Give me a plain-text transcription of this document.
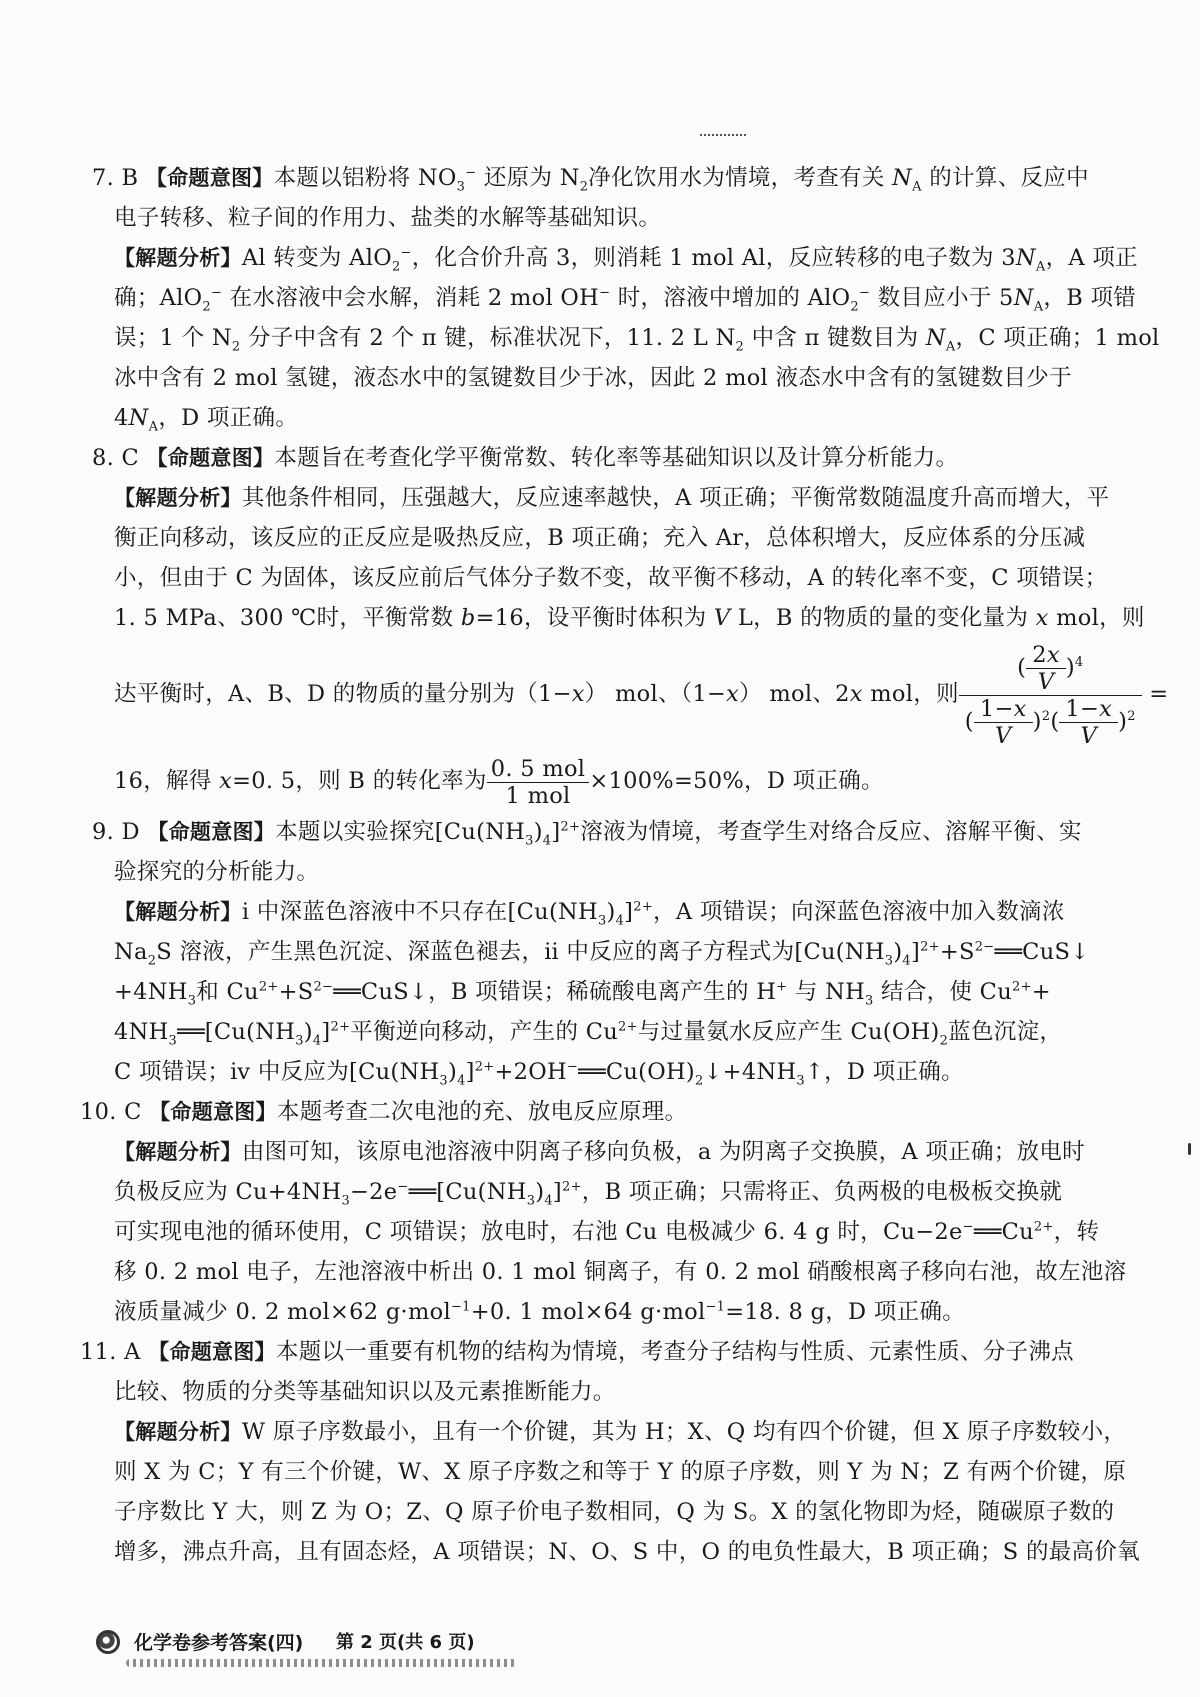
7. B 【命题意图】本题以铝粉将 $NO_3^-$ 还原为 $N_2$净化饮用水为情境，考查有关 $N_A$ 的计算、反应中
电子转移、粒子间的作用力、盐类的水解等基础知识。
【解题分析】Al 转变为 AlO$_2$−，化合价升高 3，则消耗 1 mol Al，反应转移的电子数为 $3N_A$，A 项正
确；AlO$_2$− 在水溶液中会水解，消耗 2 mol OH− 时，溶液中增加的 AlO$_2$− 数目应小于 $5N_A$，B 项错
误；1 个 $N_2$ 分子中含有 2 个 π 键，标准状况下，11. 2 L $N_2$ 中含 π 键数目为 $N_A$，C 项正确；1 mol
冰中含有 2 mol 氢键，液态水中的氢键数目少于冰，因此 2 mol 液态水中含有的氢键数目少于
$4N_A$，D 项正确。
8. C 【命题意图】本题旨在考查化学平衡常数、转化率等基础知识以及计算分析能力。
【解题分析】其他条件相同，压强越大，反应速率越快，A 项正确；平衡常数随温度升高而增大，平
衡正向移动，该反应的正反应是吸热反应，B 项正确；充入 Ar，总体积增大，反应体系的分压减
小，但由于 C 为固体，该反应前后气体分子数不变，故平衡不移动，A 的转化率不变，C 项错误；
1. 5 MPa、300 ℃时，平衡常数 b=16，设平衡时体积为 V L，B 的物质的量的变化量为 x mol，则
达平衡时，A、B、D 的物质的量分别为（1−x） mol、（1−x） mol、2x mol，则 $\frac{( \frac{2x}{V} )^4}{( \frac{1-x}{V} )^2( \frac{1-x}{V} )^2}$ =
16，解得 x=0. 5，则 B 的转化率为 $\frac{\text{0. 5 mol}}{\text{1 mol}} \times 100\%=50\%$，D 项正确。
9. D 【命题意图】本题以实验探究$[Cu(NH_3)_4]^{2+}$溶液为情境，考查学生对络合反应、溶解平衡、实
验探究的分析能力。
【解题分析】ⅰ 中深蓝色溶液中不只存在$[Cu(NH_3)_4]^{2+}$，A 项错误；向深蓝色溶液中加入数滴浓
$Na_2S$ 溶液，产生黑色沉淀、深蓝色褪去，ⅱ 中反应的离子方程式为$[Cu(NH_3)_4]^{2+}+S^{2-}══CuS↓$
$+4NH_3$和 $Cu^{2+}+S^{2-}══CuS↓$，B 项错误；稀硫酸电离产生的 H+ 与 $NH_3$ 结合，使 $Cu^{2+}+$
$4NH_3══[Cu(NH_3)_4]^{2+}$平衡逆向移动，产生的 $Cu^{2+}$与过量氨水反应产生 $Cu(OH)_2$蓝色沉淀，
C 项错误；ⅳ 中反应为$[Cu(NH_3)_4]^{2+}+2OH^-══Cu(OH)_2↓+4NH_3↑$，D 项正确。
10. C 【命题意图】本题考查二次电池的充、放电反应原理。
【解题分析】由图可知，该原电池溶液中阴离子移向负极，a 为阴离子交换膜，A 项正确；放电时
负极反应为 $Cu+4NH_3-2e^-══[Cu(NH_3)_4]^{2+}$，B 项正确；只需将正、负两极的电极板交换就
可实现电池的循环使用，C 项错误；放电时，右池 Cu 电极减少 6. 4 g 时，$Cu-2e^-══Cu^{2+}$，转
移 0. 2 mol 电子，左池溶液中析出 0. 1 mol 铜离子，有 0. 2 mol 硝酸根离子移向右池，故左池溶
液质量减少 0. 2 mol×62 g·mol$^{-1}$+0. 1 mol×64 g·mol$^{-1}$=18. 8 g，D 项正确。
11. A 【命题意图】本题以一重要有机物的结构为情境，考查分子结构与性质、元素性质、分子沸点
比较、物质的分类等基础知识以及元素推断能力。
【解题分析】W 原子序数最小，且有一个价键，其为 H；X、Q 均有四个价键，但 X 原子序数较小，
则 X 为 C；Y 有三个价键，W、X 原子序数之和等于 Y 的原子序数，则 Y 为 N；Z 有两个价键，原
子序数比 Y 大，则 Z 为 O；Z、Q 原子价电子数相同，Q 为 S。X 的氢化物即为烃，随碳原子数的
增多，沸点升高，且有固态烃，A 项错误；N、O、S 中，O 的电负性最大，B 项正确；S 的最高价氧
化学卷参考答案(四) 第 2 页(共 6 页)
